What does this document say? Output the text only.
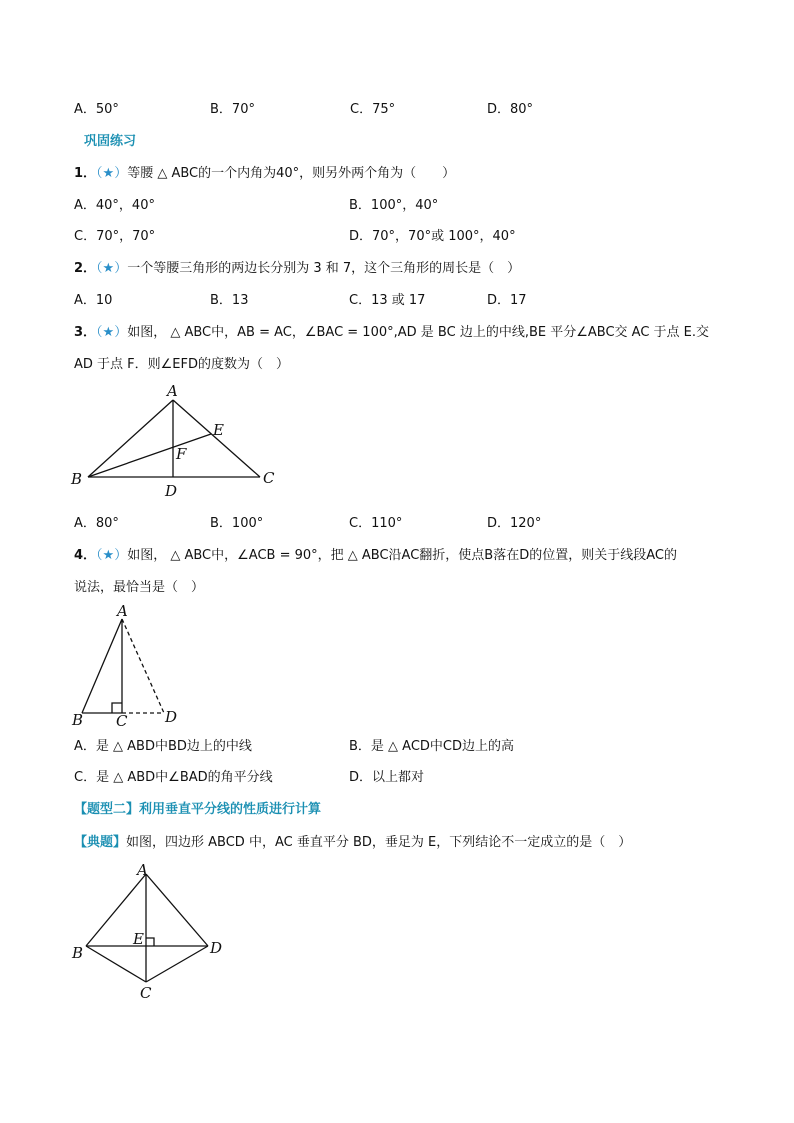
A．50°	B．70°	C．75°	D．80°
巩固练习
1．（★）等腰 △ ABC的一个内角为40°，则另外两个角为（　　）
A．40°，40°	B．100°，40°
C．70°，70°	D．70°，70°或 100°，40°
2．（★）一个等腰三角形的两边长分别为 3 和 7，这个三角形的周长是（　）
A．10	B．13	C．13 或 17	D．17
3．（★）如图， △ ABC中，AB = AC，∠BAC = 100°,AD 是 BC 边上的中线,BE 平分∠ABC交 AC 于点 E.交
AD 于点 F．则∠EFD的度数为（　）
A
E
F
B
D
C
A．80°	B．100°	C．110°	D．120°
4．（★）如图， △ ABC中，∠ACB = 90°，把 △ ABC沿AC翻折，使点B落在D的位置，则关于线段AC的
说法，最恰当是（　）
A
B C	D
A．是 △ ABD中BD边上的中线	B．是 △ ACD中CD边上的高
C．是 △ ABD中∠BAD的角平分线	D．以上都对
【题型二】利用垂直平分线的性质进行计算
【典题】如图，四边形 ABCD 中，AC 垂直平分 BD，垂足为 E，下列结论不一定成立的是（　）
A
E
B	D
C
